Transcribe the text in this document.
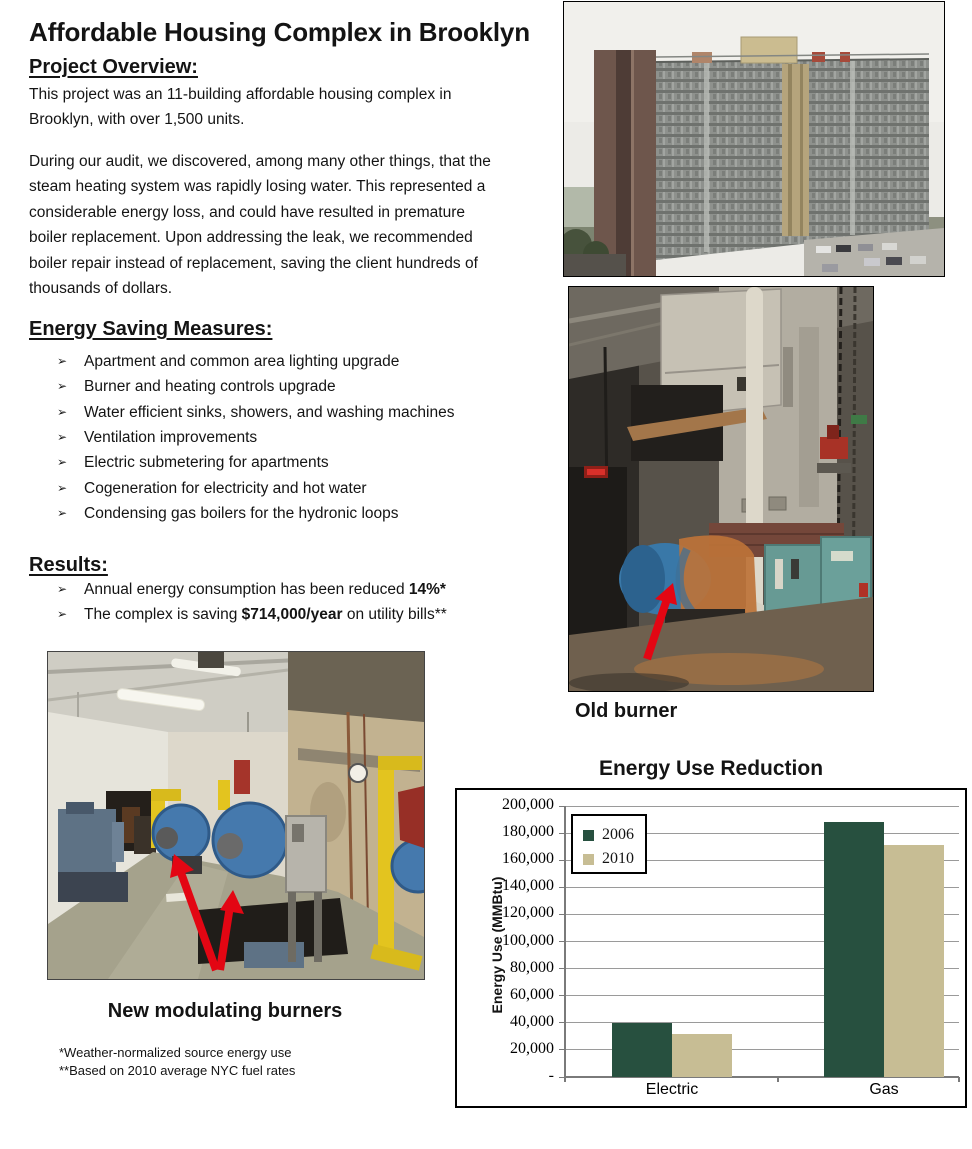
Affordable Housing Complex in Brooklyn
Project Overview:
This project was an 11-building affordable housing complex in
Brooklyn, with over 1,500 units.
During our audit, we discovered, among many other things, that the
steam heating system was rapidly losing water. This represented a
considerable energy loss, and could have resulted in premature
boiler replacement. Upon addressing the leak, we recommended
boiler repair instead of replacement, saving the client hundreds of
thousands of dollars.
Energy Saving Measures:
➢ Apartment and common area lighting upgrade
➢ Burner and heating controls upgrade
➢ Water efficient sinks, showers, and washing machines
➢ Ventilation improvements
➢ Electric submetering for apartments
➢ Cogeneration for electricity and hot water
➢ Condensing gas boilers for the hydronic loops
Results:
➢ Annual energy consumption has been reduced 14%*
➢ The complex is saving $714,000/year on utility bills**
Old burner
New modulating burners
*Weather-normalized source energy use
**Based on 2010 average NYC fuel rates
Energy Use Reduction
Energy Use (MMBtu)
-
20,000
40,000
60,000
80,000
100,000
120,000
140,000
160,000
180,000
200,000
2006
2010
Electric	Gas
